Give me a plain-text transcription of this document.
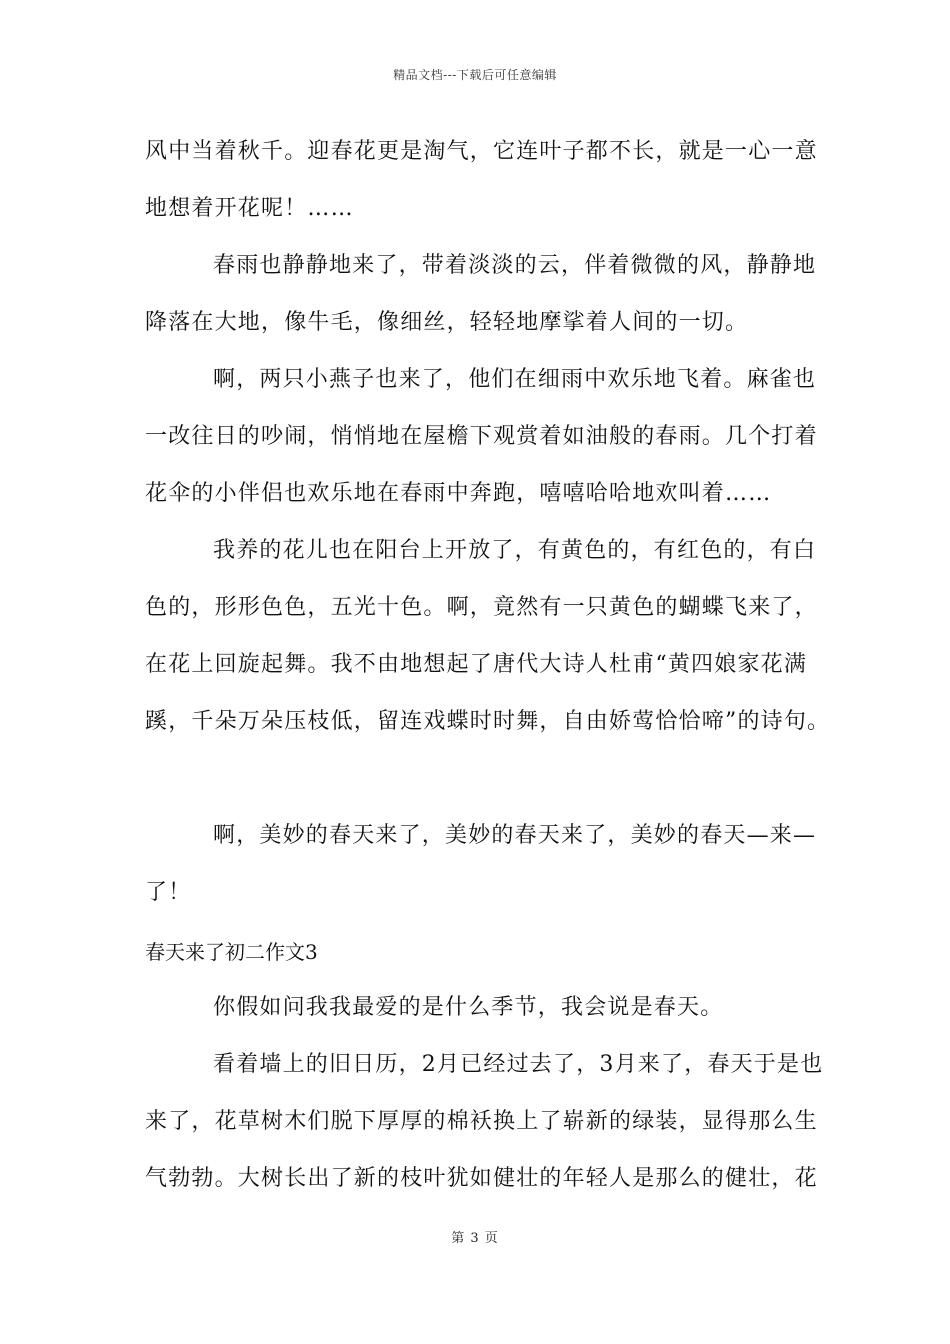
精品文档---下载后可任意编辑
风中当着秋千。迎春花更是淘气，它连叶子都不长，就是一心一意
地想着开花呢！……
春雨也静静地来了，带着淡淡的云，伴着微微的风，静静地
降落在大地，像牛毛，像细丝，轻轻地摩挲着人间的一切。
啊，两只小燕子也来了，他们在细雨中欢乐地飞着。麻雀也
一改往日的吵闹，悄悄地在屋檐下观赏着如油般的春雨。几个打着
花伞的小伴侣也欢乐地在春雨中奔跑，嘻嘻哈哈地欢叫着……
我养的花儿也在阳台上开放了，有黄色的，有红色的，有白
色的，形形色色，五光十色。啊，竟然有一只黄色的蝴蝶飞来了，
在花上回旋起舞。我不由地想起了唐代大诗人杜甫“黄四娘家花满
蹊，千朵万朵压枝低，留连戏蝶时时舞，自由娇莺恰恰啼”的诗句。
啊，美妙的春天来了，美妙的春天来了，美妙的春天—来—
了！
春天来了初二作文3
你假如问我我最爱的是什么季节，我会说是春天。
看着墙上的旧日历，2月已经过去了，3月来了，春天于是也
来了，花草树木们脱下厚厚的棉袄换上了崭新的绿装，显得那么生
气勃勃。大树长出了新的枝叶犹如健壮的年轻人是那么的健壮，花
第 3 页
